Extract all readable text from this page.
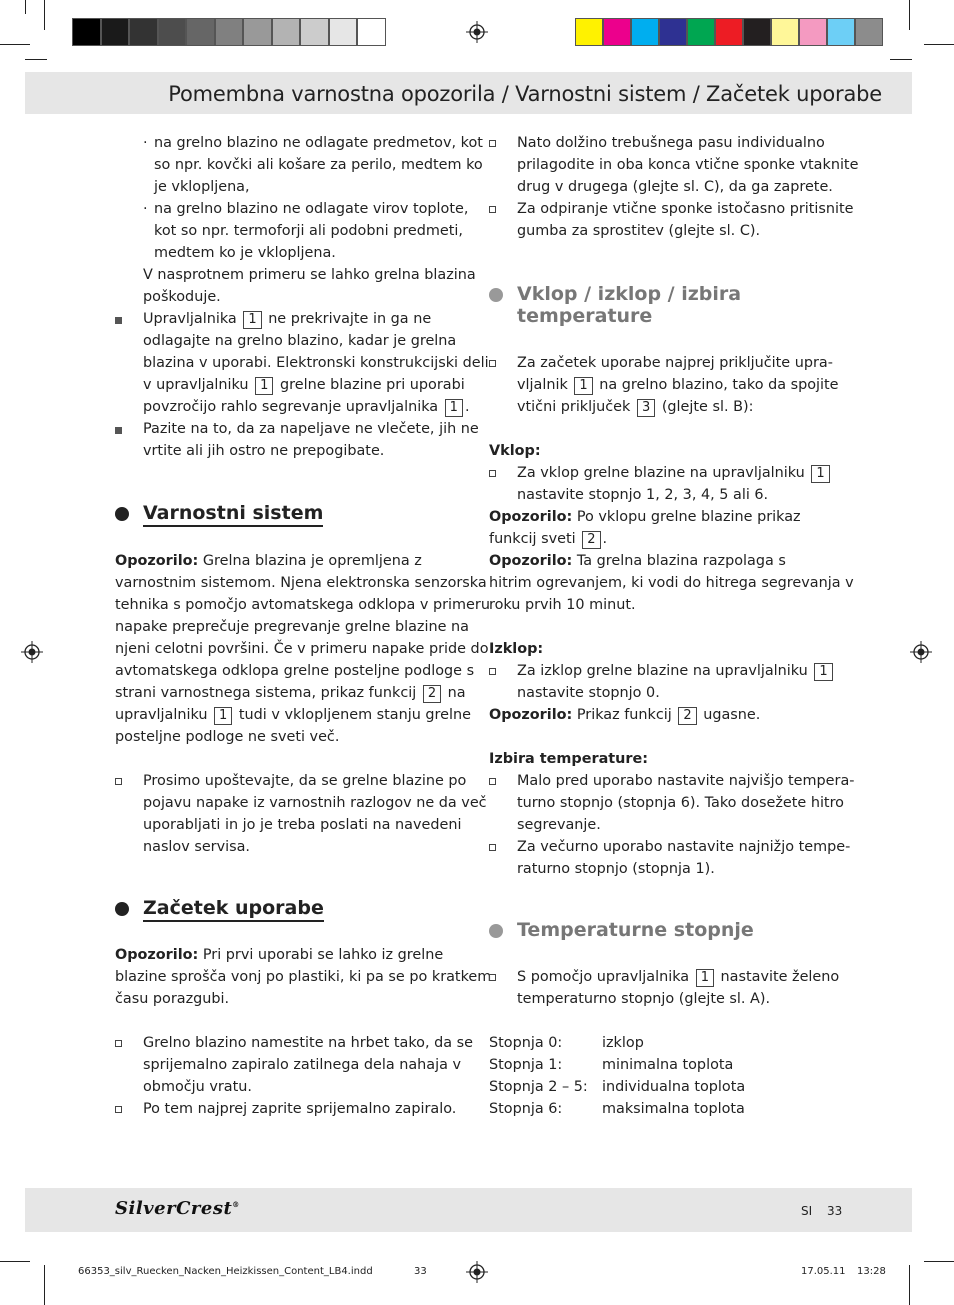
Pomembna varnostna opozorila / Varnostni sistem / Začetek uporabe
· na grelno blazino ne odlagate predmetov, kot
so npr. kovčki ali košare za perilo, medtem ko
je vklopljena,
· na grelno blazino ne odlagate virov toplote,
kot so npr. termoforji ali podobni predmeti,
medtem ko je vklopljena.
V nasprotnem primeru se lahko grelna blazina
poškoduje.
Upravljalnika 1 ne prekrivajte in ga ne
odlagajte na grelno blazino, kadar je grelna
blazina v uporabi. Elektronski konstrukcijski deli
v upravljalniku 1 grelne blazine pri uporabi
povzročijo rahlo segrevanje upravljalnika 1 .
Pazite na to, da za napeljave ne vlečete, jih ne
vrtite ali jih ostro ne prepogibate.
Varnostni sistem
Opozorilo: Grelna blazina je opremljena z
varnostnim sistemom. Njena elektronska senzorska
tehnika s pomočjo avtomatskega odklopa v primeru
napake preprečuje pregrevanje grelne blazine na
njeni celotni površini. Če v primeru napake pride do
avtomatskega odklopa grelne posteljne podloge s
strani varnostnega sistema, prikaz funkcij 2 na
upravljalniku 1 tudi v vklopljenem stanju grelne
posteljne podloge ne sveti več.
Prosimo upoštevajte, da se grelne blazine po
pojavu napake iz varnostnih razlogov ne da več
uporabljati in jo je treba poslati na navedeni
naslov servisa.
Začetek uporabe
Opozorilo: Pri prvi uporabi se lahko iz grelne
blazine sprošča vonj po plastiki, ki pa se po kratkem
času porazgubi.
Grelno blazino namestite na hrbet tako, da se
sprijemalno zapiralo zatilnega dela nahaja v
območju vratu.
Po tem najprej zaprite sprijemalno zapiralo.
Nato dolžino trebušnega pasu individualno
prilagodite in oba konca vtične sponke vtaknite
drug v drugega (glejte sl. C), da ga zaprete.
Za odpiranje vtične sponke istočasno pritisnite
gumba za sprostitev (glejte sl. C).
Vklop / izklop / izbira
temperature
Za začetek uporabe najprej priključite upra-
vljalnik 1 na grelno blazino, tako da spojite
vtični priključek 3 (glejte sl. B):
Vklop:
Za vklop grelne blazine na upravljalniku 1
nastavite stopnjo 1, 2, 3, 4, 5 ali 6.
Opozorilo: Po vklopu grelne blazine prikaz
funkcij sveti 2 .
Opozorilo: Ta grelna blazina razpolaga s
hitrim ogrevanjem, ki vodi do hitrega segrevanja v
roku prvih 10 minut.
Izklop:
Za izklop grelne blazine na upravljalniku 1
nastavite stopnjo 0.
Opozorilo: Prikaz funkcij 2 ugasne.
Izbira temperature:
Malo pred uporabo nastavite najvišjo tempera-
turno stopnjo (stopnja 6). Tako dosežete hitro
segrevanje.
Za večurno uporabo nastavite najnižjo tempe-
raturno stopnjo (stopnja 1).
Temperaturne stopnje
S pomočjo upravljalnika 1 nastavite želeno
temperaturno stopnjo (glejte sl. A).
Stopnja 0:	izklop
Stopnja 1:	minimalna toplota
Stopnja 2 – 5: individualna toplota
Stopnja 6:	maksimalna toplota
SilverCrest®	SI 33
66353_silv_Ruecken_Nacken_Heizkissen_Content_LB4.indd	33	17.05.11 13:28
